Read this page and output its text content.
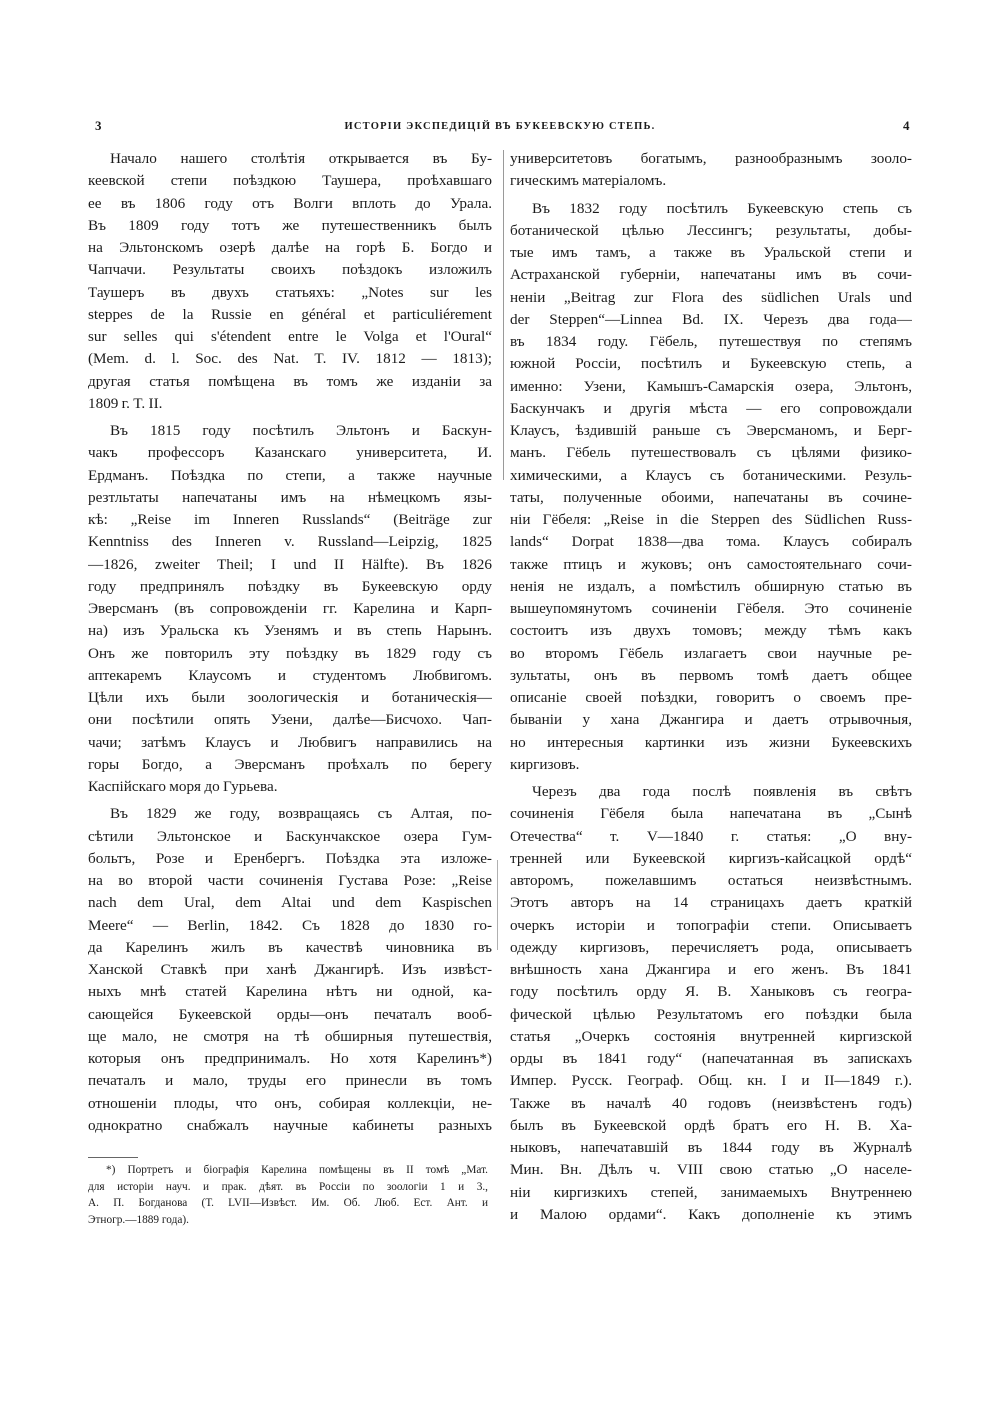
3	ИСТОРІИ ЭКСПЕДИЦІЙ ВЪ БУКЕЕВСКУЮ СТЕПЬ.	4
Начало нашего столѣтія открывается въ Бу-
кеевской степи поѣздкою Таушера, проѣхавшаго
ее въ 1806 году отъ Волги вплоть до Урала.
Въ 1809 году тотъ же путешественникъ былъ
на Эльтонскомъ озерѣ далѣе на горѣ Б. Богдо и
Чапчачи. Результаты своихъ поѣздокъ изложилъ
Таушеръ въ двухъ статьяхъ: „Notes sur les
steppes de la Russie en général et particuliérement
sur selles qui s'étendent entre le Volga et l'Oural“
(Mem. d. l. Soc. des Nat. T. IV. 1812 — 1813);
другая статья помѣщена въ томъ же изданіи за
1809 г. T. II.
Въ 1815 году посѣтилъ Эльтонъ и Баскун-
чакъ профессоръ Казанскаго университета, И.
Ердманъ. Поѣздка по степи, а также научные
резтльтаты напечатаны имъ на нѣмецкомъ язы-
кѣ: „Reise im Inneren Russlands“ (Beiträge zur
Kenntniss des Inneren v. Russland—Leipzig, 1825
—1826, zweiter Theil; I und II Hälfte). Въ 1826
году предпринялъ поѣздку въ Букеевскую орду
Эверсманъ (въ сопровожденіи гг. Карелина и Карп-
на) изъ Уральска къ Узенямъ и въ степь Нарынъ.
Онъ же повторилъ эту поѣздку въ 1829 году съ
аптекаремъ Клаусомъ и студентомъ Любвигомъ.
Цѣли ихъ были зоологическія и ботаническія—
они посѣтили опять Узени, далѣе—Бисчохо. Чап-
чачи; затѣмъ Клаусъ и Любвигъ направились на
горы Богдо, а Эверсманъ проѣхалъ по берегу
Каспійскаго моря до Гурьева.
Въ 1829 же году, возвращаясь съ Алтая, по-
сѣтили Эльтонское и Баскунчакское озера Гум-
больтъ, Розе и Еренбергъ. Поѣздка эта изложе-
на во второй части сочиненія Густава Розе: „Reise
nach dem Ural, dem Altai und dem Kaspischen
Meere“ — Berlin, 1842. Съ 1828 до 1830 го-
да Карелинъ жилъ въ качествѣ чиновника въ
Ханской Ставкѣ при ханѣ Джангирѣ. Изъ извѣст-
ныхъ мнѣ статей Карелина нѣтъ ни одной, ка-
сающейся Букеевской орды—онъ печаталъ вооб-
ще мало, не смотря на тѣ обширныя путешествія,
которыя онъ предпринималъ. Но хотя Карелинъ*)
печаталъ и мало, труды его принесли въ томъ
отношеніи плоды, что онъ, собирая коллекціи, не-
однократно снабжалъ научные кабинеты разныхъ
университетовъ богатымъ, разнообразнымъ зооло-
гическимъ матеріаломъ.
Въ 1832 году посѣтилъ Букеевскую степь съ
ботанической цѣлью Лессингъ; результаты, добы-
тые имъ тамъ, а также въ Уральской степи и
Астраханской губерніи, напечатаны имъ въ сочи-
неніи „Beitrag zur Flora des südlichen Urals und
der Steppen“—Linnea Bd. IX. Черезъ два года—
въ 1834 году. Гёбель, путешествуя по степямъ
южной Россіи, посѣтилъ и Букеевскую степь, а
именно: Узени, Камышъ-Самарскія озера, Эльтонъ,
Баскунчакъ и другія мѣста — его сопровождали
Клаусъ, ѣздившій раньше съ Эверсманомъ, и Берг-
манъ. Гёбель путешествовалъ съ цѣлями физико-
химическими, а Клаусъ съ ботаническими. Резуль-
таты, полученные обоими, напечатаны въ сочине-
ніи Гёбеля: „Reise in die Steppen des Südlichen Russ-
lands“ Dorpat 1838—два тома. Клаусъ собиралъ
также птицъ и жуковъ; онъ самостоятельнаго сочи-
ненія не издалъ, а помѣстилъ обширную статью въ
вышеупомянутомъ сочиненіи Гёбеля. Это сочиненіе
состоитъ изъ двухъ томовъ; между тѣмъ какъ
во второмъ Гёбель излагаетъ свои научные ре-
зультаты, онъ въ первомъ томѣ даетъ общее
описаніе своей поѣздки, говоритъ о своемъ пре-
бываніи у хана Джангира и даетъ отрывочныя,
но интересныя картинки изъ жизни Букеевскихъ
киргизовъ.
Черезъ два года послѣ появленія въ свѣтъ
сочиненія Гёбеля была напечатана въ „Сынѣ
Отечества“ т. V—1840 г. статья: „О вну-
тренней или Букеевской киргизъ-кайсацкой ордѣ“
авторомъ, пожелавшимъ остаться неизвѣстнымъ.
Этотъ авторъ на 14 страницахъ даетъ краткій
очеркъ исторіи и топографіи степи. Описываетъ
одежду киргизовъ, перечисляетъ рода, описываетъ
внѣшность хана Джангира и его женъ. Въ 1841
году посѣтилъ орду Я. В. Ханыковъ съ геогра-
фической цѣлью Результатомъ его поѣздки была
статья „Очеркъ состоянія внутренней киргизской
орды въ 1841 году“ (напечатанная въ запискахъ
Импер. Русск. Географ. Общ. кн. I и II—1849 г.).
Также въ началѣ 40 годовъ (неизвѣстенъ годъ)
былъ въ Букеевской ордѣ братъ его Н. В. Ха-
ныковъ, напечатавшій въ 1844 году въ Журналѣ
Мин. Вн. Дѣлъ ч. VIII свою статью „О населе-
ніи киргизкихъ степей, занимаемыхъ Внутреннею
и Малою ордами“. Какъ дополненіе къ этимъ
*) Портретъ и біографія Карелина помѣщены въ II томѣ „Мат.
для исторіи науч. и прак. дѣят. въ Россіи по зоологіи 1 и 3.,
А. П. Богданова (Т. LVII—Извѣст. Им. Об. Люб. Ест. Ант. и
Этногр.—1889 года).
